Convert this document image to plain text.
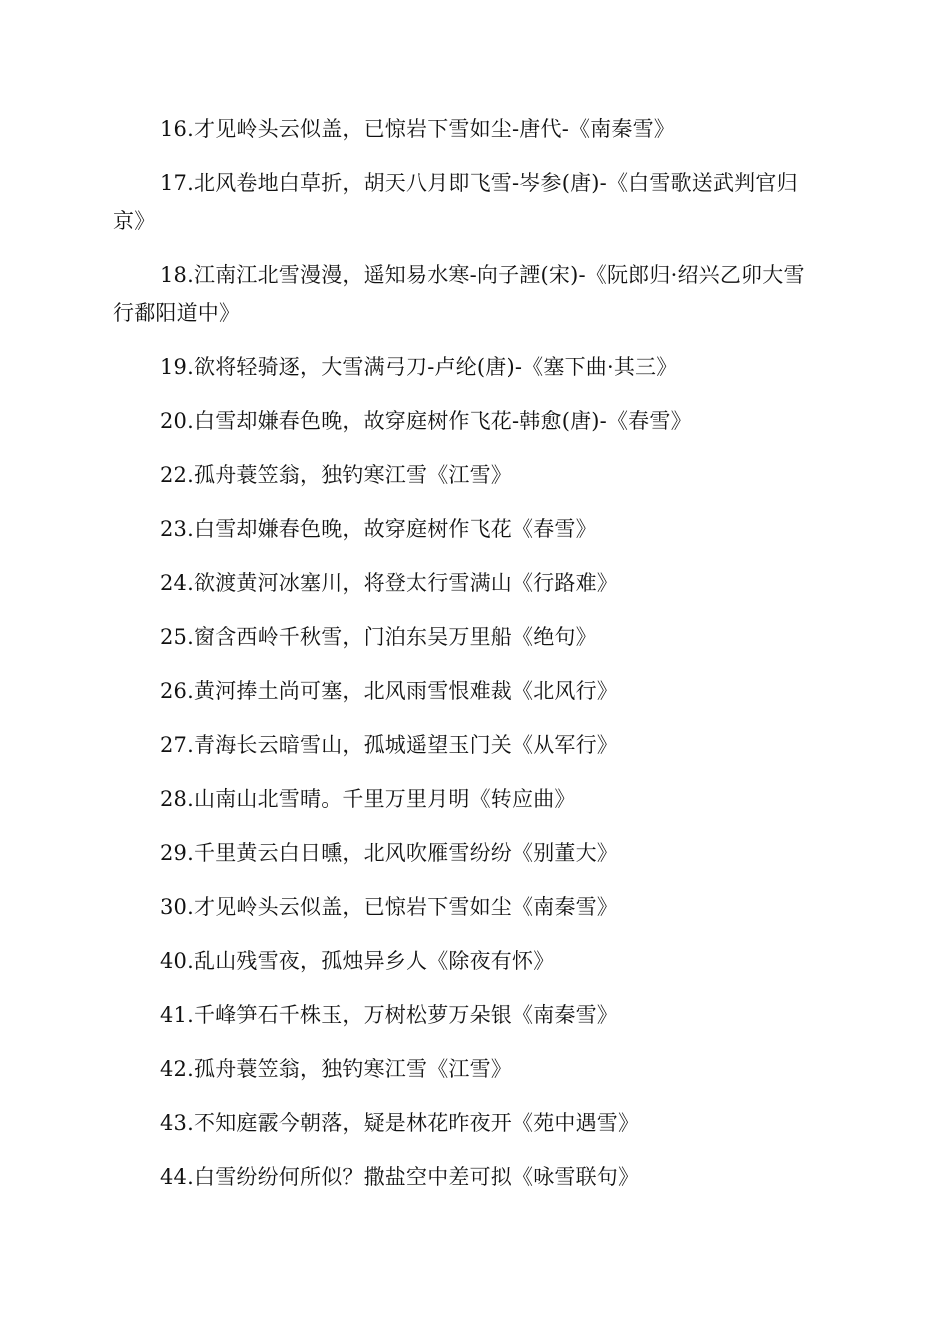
16.才见岭头云似盖，已惊岩下雪如尘-唐代-《南秦雪》

17.北风卷地白草折，胡天八月即飞雪-岑参(唐)-《白雪歌送武判官归京》

18.江南江北雪漫漫，遥知易水寒-向子諲(宋)-《阮郎归·绍兴乙卯大雪行鄱阳道中》

19.欲将轻骑逐，大雪满弓刀-卢纶(唐)-《塞下曲·其三》

20.白雪却嫌春色晚，故穿庭树作飞花-韩愈(唐)-《春雪》

22.孤舟蓑笠翁，独钓寒江雪《江雪》

23.白雪却嫌春色晚，故穿庭树作飞花《春雪》

24.欲渡黄河冰塞川，将登太行雪满山《行路难》

25.窗含西岭千秋雪，门泊东吴万里船《绝句》

26.黄河捧土尚可塞，北风雨雪恨难裁《北风行》

27.青海长云暗雪山，孤城遥望玉门关《从军行》

28.山南山北雪晴。千里万里月明《转应曲》

29.千里黄云白日曛，北风吹雁雪纷纷《别董大》

30.才见岭头云似盖，已惊岩下雪如尘《南秦雪》

40.乱山残雪夜，孤烛异乡人《除夜有怀》

41.千峰笋石千株玉，万树松萝万朵银《南秦雪》

42.孤舟蓑笠翁，独钓寒江雪《江雪》

43.不知庭霰今朝落，疑是林花昨夜开《苑中遇雪》

44.白雪纷纷何所似？撒盐空中差可拟《咏雪联句》
